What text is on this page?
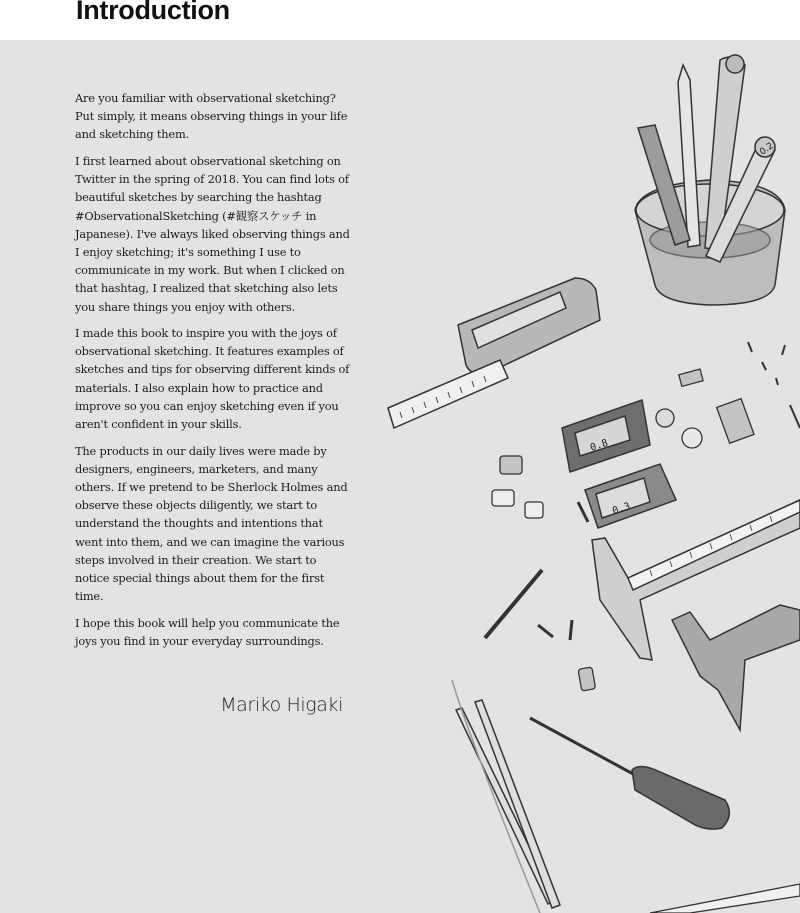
Introduction

Are you familiar with observational sketching? Put simply, it means observing things in your life and sketching them.

I first learned about observational sketching on Twitter in the spring of 2018. You can find lots of beautiful sketches by searching the hashtag #ObservationalSketching (#観察スケッチ in Japanese). I've always liked observing things and I enjoy sketching; it's something I use to communicate in my work. But when I clicked on that hashtag, I realized that sketching also lets you share things you enjoy with others.

I made this book to inspire you with the joys of observational sketching. It features examples of sketches and tips for observing different kinds of materials. I also explain how to practice and improve so you can enjoy sketching even if you aren't confident in your skills.

The products in our daily lives were made by designers, engineers, marketers, and many others. If we pretend to be Sherlock Holmes and observe these objects diligently, we start to understand the thoughts and intentions that went into them, and we can imagine the various steps involved in their creation. We start to notice special things about them for the first time.

I hope this book will help you communicate the joys you find in your everyday surroundings.

Mariko Higaki
0.2
0.8
0.3
